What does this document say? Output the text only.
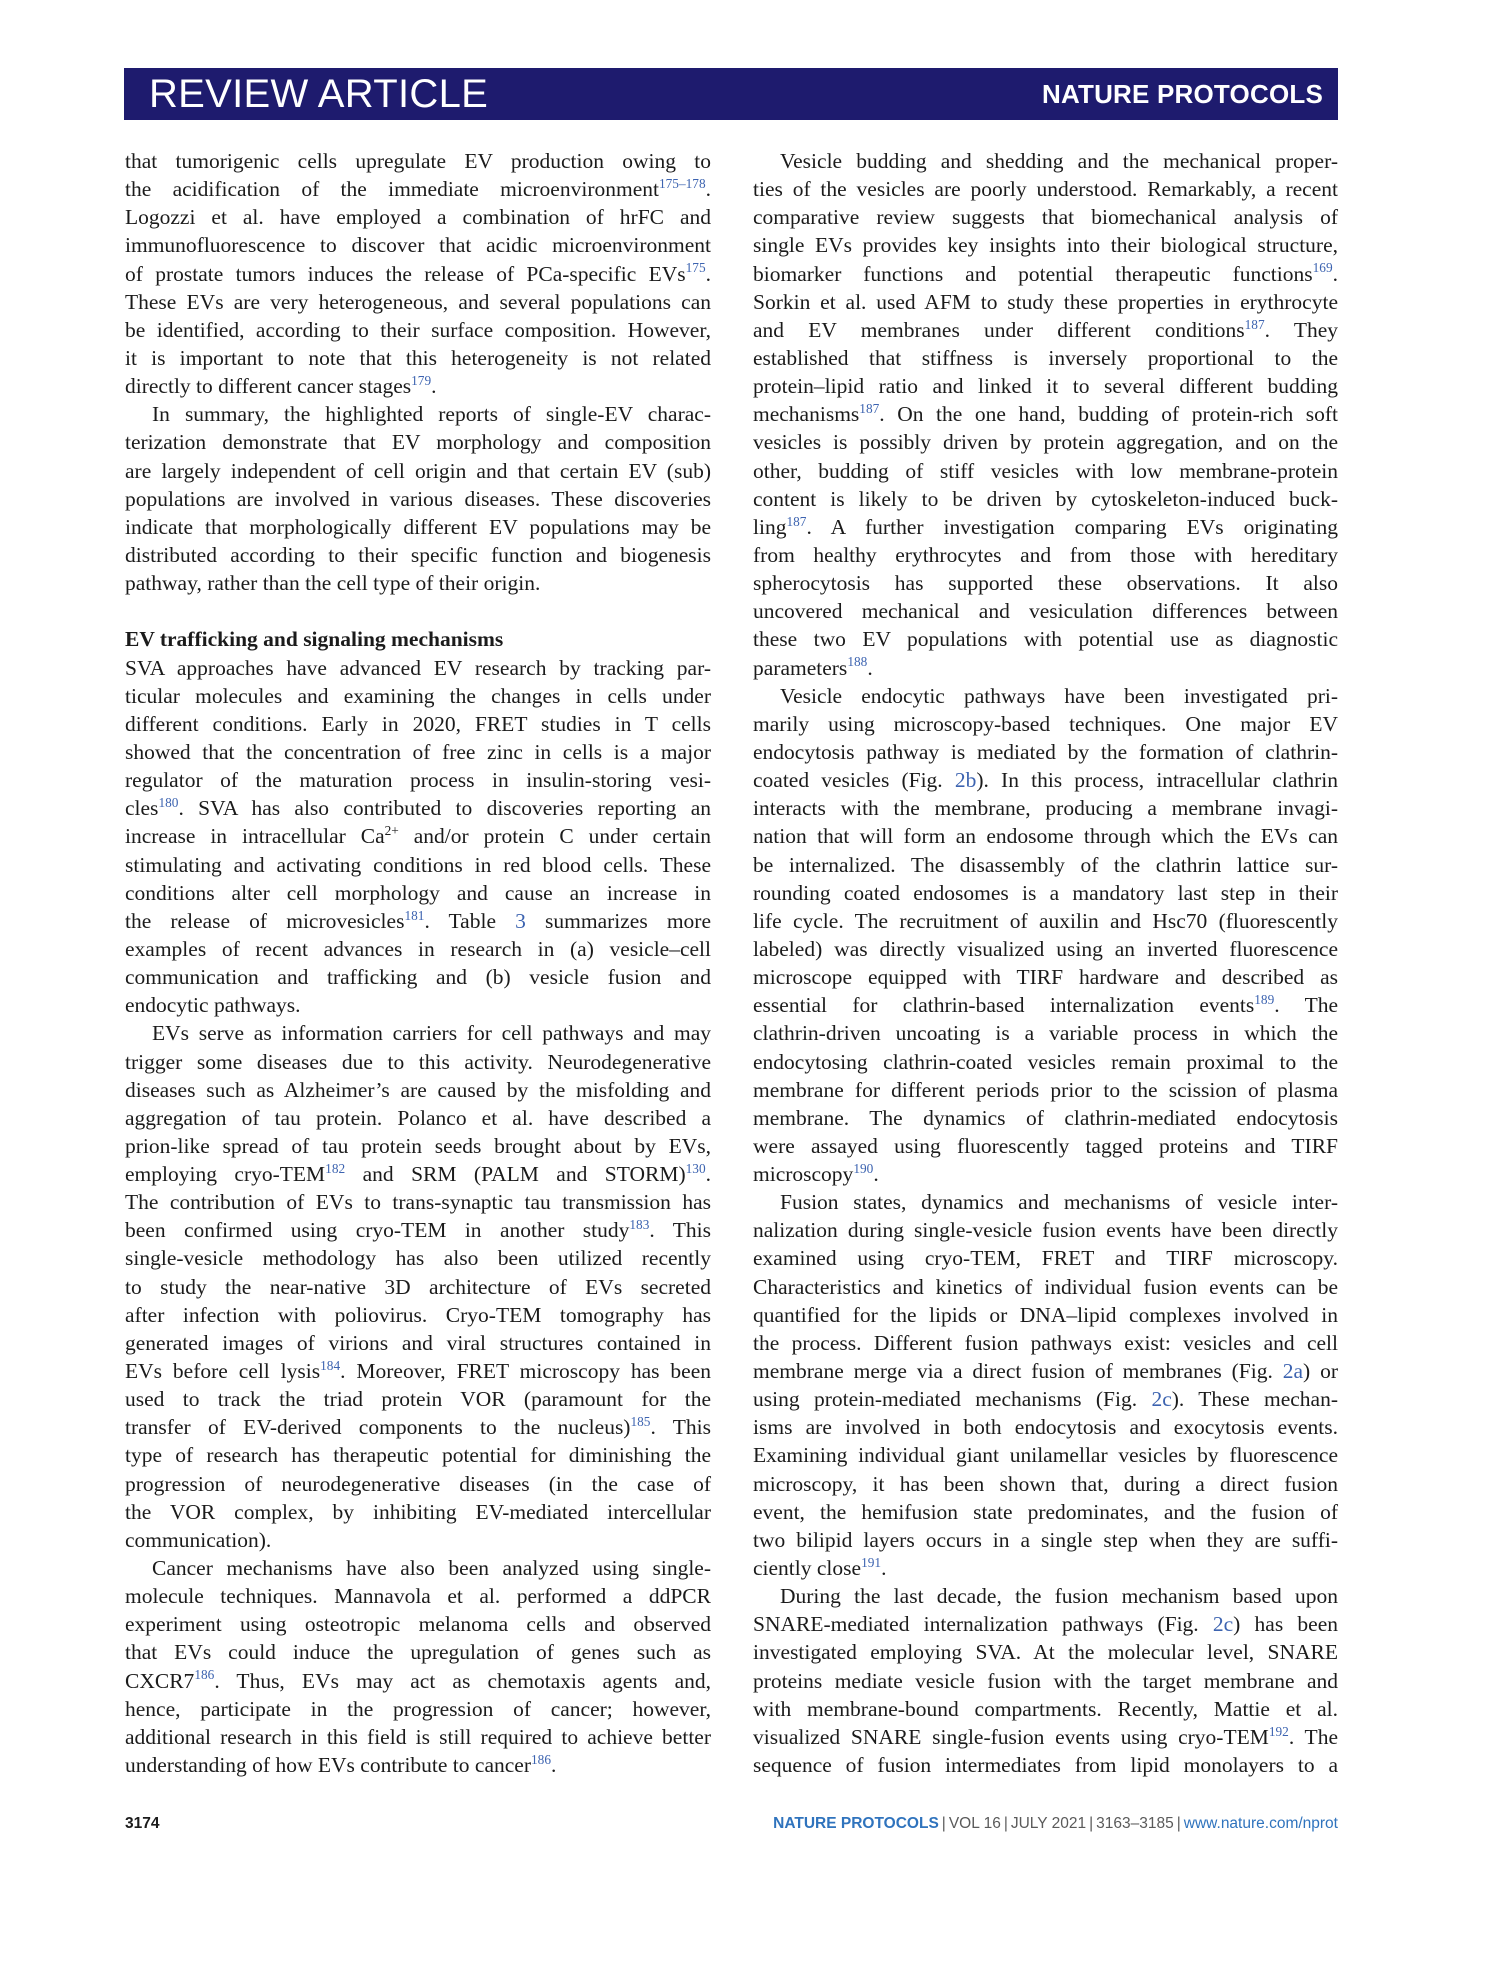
REVIEW ARTICLE	NATURE PROTOCOLS
that tumorigenic cells upregulate EV production owing to
the acidification of the immediate microenvironment$^{175-178}$.
Logozzi et al. have employed a combination of hrFC and
immunofluorescence to discover that acidic microenvironment
of prostate tumors induces the release of PCa-specific EVs$^{175}$.
These EVs are very heterogeneous, and several populations can
be identified, according to their surface composition. However,
it is important to note that this heterogeneity is not related
directly to different cancer stages$^{179}$.
In summary, the highlighted reports of single-EV charac-
terization demonstrate that EV morphology and composition
are largely independent of cell origin and that certain EV (sub)
populations are involved in various diseases. These discoveries
indicate that morphologically different EV populations may be
distributed according to their specific function and biogenesis
pathway, rather than the cell type of their origin.
EV trafficking and signaling mechanisms
SVA approaches have advanced EV research by tracking par-
ticular molecules and examining the changes in cells under
different conditions. Early in 2020, FRET studies in T cells
showed that the concentration of free zinc in cells is a major
regulator of the maturation process in insulin-storing vesi-
cles$^{180}$. SVA has also contributed to discoveries reporting an
increase in intracellular $Ca^{2+}$ and/or protein C under certain
stimulating and activating conditions in red blood cells. These
conditions alter cell morphology and cause an increase in
the release of microvesicles$^{181}$. Table 3 summarizes more
examples of recent advances in research in (a) vesicle–cell
communication and trafficking and (b) vesicle fusion and
endocytic pathways.
EVs serve as information carriers for cell pathways and may
trigger some diseases due to this activity. Neurodegenerative
diseases such as Alzheimer’s are caused by the misfolding and
aggregation of tau protein. Polanco et al. have described a
prion-like spread of tau protein seeds brought about by EVs,
employing cryo-TEM$^{182}$ and SRM (PALM and STORM)$^{130}$.
The contribution of EVs to trans-synaptic tau transmission has
been confirmed using cryo-TEM in another study$^{183}$. This
single-vesicle methodology has also been utilized recently
to study the near-native 3D architecture of EVs secreted
after infection with poliovirus. Cryo-TEM tomography has
generated images of virions and viral structures contained in
EVs before cell lysis$^{184}$. Moreover, FRET microscopy has been
used to track the triad protein VOR (paramount for the
transfer of EV-derived components to the nucleus)$^{185}$. This
type of research has therapeutic potential for diminishing the
progression of neurodegenerative diseases (in the case of
the VOR complex, by inhibiting EV-mediated intercellular
communication).
Cancer mechanisms have also been analyzed using single-
molecule techniques. Mannavola et al. performed a ddPCR
experiment using osteotropic melanoma cells and observed
that EVs could induce the upregulation of genes such as
CXCR7$^{186}$. Thus, EVs may act as chemotaxis agents and,
hence, participate in the progression of cancer; however,
additional research in this field is still required to achieve better
understanding of how EVs contribute to cancer$^{186}$.
Vesicle budding and shedding and the mechanical proper-
ties of the vesicles are poorly understood. Remarkably, a recent
comparative review suggests that biomechanical analysis of
single EVs provides key insights into their biological structure,
biomarker functions and potential therapeutic functions$^{169}$.
Sorkin et al. used AFM to study these properties in erythrocyte
and EV membranes under different conditions$^{187}$. They
established that stiffness is inversely proportional to the
protein–lipid ratio and linked it to several different budding
mechanisms$^{187}$. On the one hand, budding of protein-rich soft
vesicles is possibly driven by protein aggregation, and on the
other, budding of stiff vesicles with low membrane-protein
content is likely to be driven by cytoskeleton-induced buck-
ling$^{187}$. A further investigation comparing EVs originating
from healthy erythrocytes and from those with hereditary
spherocytosis has supported these observations. It also
uncovered mechanical and vesiculation differences between
these two EV populations with potential use as diagnostic
parameters$^{188}$.
Vesicle endocytic pathways have been investigated pri-
marily using microscopy-based techniques. One major EV
endocytosis pathway is mediated by the formation of clathrin-
coated vesicles (Fig. 2b). In this process, intracellular clathrin
interacts with the membrane, producing a membrane invagi-
nation that will form an endosome through which the EVs can
be internalized. The disassembly of the clathrin lattice sur-
rounding coated endosomes is a mandatory last step in their
life cycle. The recruitment of auxilin and Hsc70 (fluorescently
labeled) was directly visualized using an inverted fluorescence
microscope equipped with TIRF hardware and described as
essential for clathrin-based internalization events$^{189}$. The
clathrin-driven uncoating is a variable process in which the
endocytosing clathrin-coated vesicles remain proximal to the
membrane for different periods prior to the scission of plasma
membrane. The dynamics of clathrin-mediated endocytosis
were assayed using fluorescently tagged proteins and TIRF
microscopy$^{190}$.
Fusion states, dynamics and mechanisms of vesicle inter-
nalization during single-vesicle fusion events have been directly
examined using cryo-TEM, FRET and TIRF microscopy.
Characteristics and kinetics of individual fusion events can be
quantified for the lipids or DNA–lipid complexes involved in
the process. Different fusion pathways exist: vesicles and cell
membrane merge via a direct fusion of membranes (Fig. 2a) or
using protein-mediated mechanisms (Fig. 2c). These mechan-
isms are involved in both endocytosis and exocytosis events.
Examining individual giant unilamellar vesicles by fluorescence
microscopy, it has been shown that, during a direct fusion
event, the hemifusion state predominates, and the fusion of
two bilipid layers occurs in a single step when they are suffi-
ciently close$^{191}$.
During the last decade, the fusion mechanism based upon
SNARE-mediated internalization pathways (Fig. 2c) has been
investigated employing SVA. At the molecular level, SNARE
proteins mediate vesicle fusion with the target membrane and
with membrane-bound compartments. Recently, Mattie et al.
visualized SNARE single-fusion events using cryo-TEM$^{192}$. The
sequence of fusion intermediates from lipid monolayers to a
3174	NATURE PROTOCOLS | VOL 16 | JULY 2021 | 3163–3185 | www.nature.com/nprot
